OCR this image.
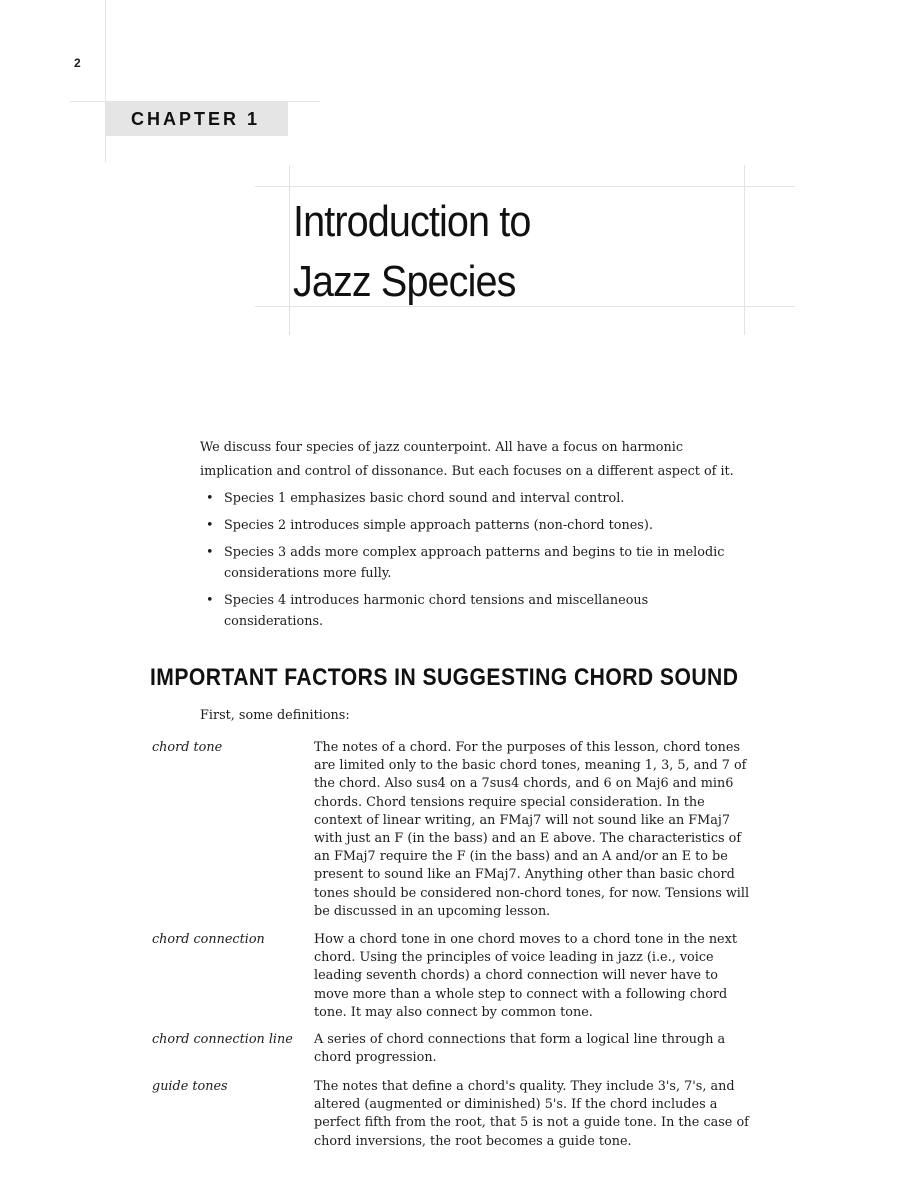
2
CHAPTER 1
Introduction to
Jazz Species

We discuss four species of jazz counterpoint. All have a focus on harmonic implication and control of dissonance. But each focuses on a different aspect of it.

• Species 1 emphasizes basic chord sound and interval control.
• Species 2 introduces simple approach patterns (non-chord tones).
• Species 3 adds more complex approach patterns and begins to tie in melodic considerations more fully.
• Species 4 introduces harmonic chord tensions and miscellaneous considerations.
IMPORTANT FACTORS IN SUGGESTING CHORD SOUND

First, some definitions:

chord tone	The notes of a chord. For the purposes of this lesson, chord tones are limited only to the basic chord tones, meaning 1, 3, 5, and 7 of the chord. Also sus4 on a 7sus4 chords, and 6 on Maj6 and min6 chords. Chord tensions require special consideration. In the context of linear writing, an FMaj7 will not sound like an FMaj7 with just an F (in the bass) and an E above. The characteristics of an FMaj7 require the F (in the bass) and an A and/or an E to be present to sound like an FMaj7. Anything other than basic chord tones should be considered non-chord tones, for now. Tensions will be discussed in an upcoming lesson.

chord connection	How a chord tone in one chord moves to a chord tone in the next chord. Using the principles of voice leading in jazz (i.e., voice leading seventh chords) a chord connection will never have to move more than a whole step to connect with a following chord tone. It may also connect by common tone.

chord connection line A series of chord connections that form a logical line through a chord progression.

guide tones	The notes that define a chord's quality. They include 3's, 7's, and altered (augmented or diminished) 5's. If the chord includes a perfect fifth from the root, that 5 is not a guide tone. In the case of chord inversions, the root becomes a guide tone.
